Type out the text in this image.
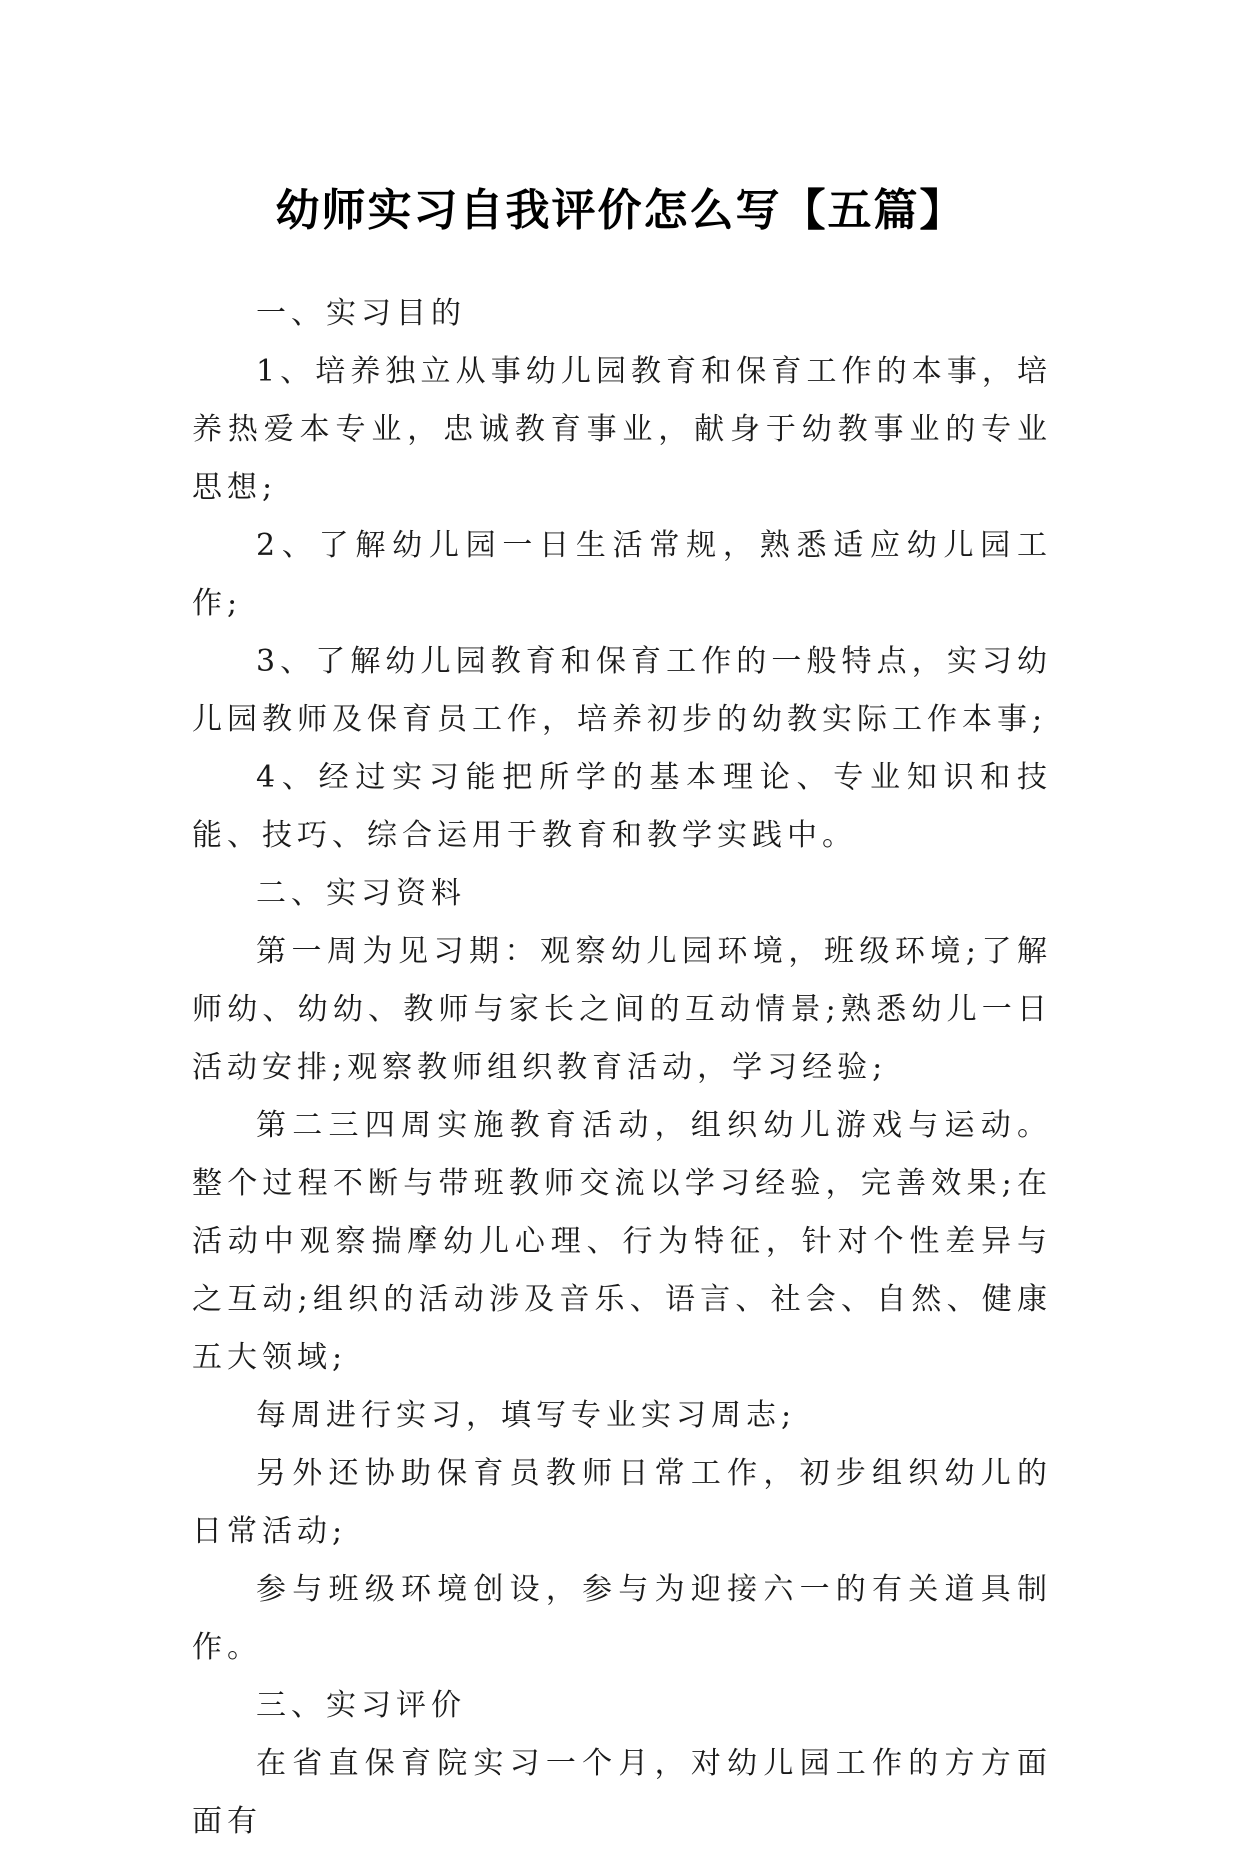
幼师实习自我评价怎么写【五篇】

一、实习目的

1、培养独立从事幼儿园教育和保育工作的本事，培养热爱本专业，忠诚教育事业，献身于幼教事业的专业思想;

2、了解幼儿园一日生活常规，熟悉适应幼儿园工作;

3、了解幼儿园教育和保育工作的一般特点，实习幼儿园教师及保育员工作，培养初步的幼教实际工作本事;

4、经过实习能把所学的基本理论、专业知识和技能、技巧、综合运用于教育和教学实践中。

二、实习资料

第一周为见习期：观察幼儿园环境，班级环境;了解师幼、幼幼、教师与家长之间的互动情景;熟悉幼儿一日活动安排;观察教师组织教育活动，学习经验;

第二三四周实施教育活动，组织幼儿游戏与运动。整个过程不断与带班教师交流以学习经验，完善效果;在活动中观察揣摩幼儿心理、行为特征，针对个性差异与之互动;组织的活动涉及音乐、语言、社会、自然、健康五大领域;

每周进行实习，填写专业实习周志;

另外还协助保育员教师日常工作，初步组织幼儿的日常活动;

参与班级环境创设，参与为迎接六一的有关道具制作。

三、实习评价

在省直保育院实习一个月，对幼儿园工作的方方面面有
